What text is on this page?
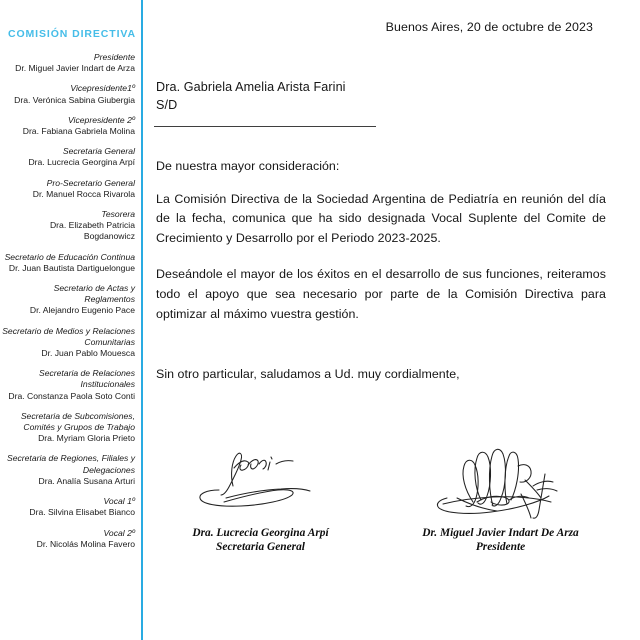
COMISIÓN DIRECTIVA
Presidente
Dr. Miguel Javier Indart de Arza
Vicepresidente1º
Dra. Verónica Sabina Giubergia
Vicepresidente 2º
Dra. Fabiana Gabriela Molina
Secretaria General
Dra. Lucrecia Georgina Arpí
Pro-Secretario General
Dr. Manuel Rocca Rivarola
Tesorera
Dra. Elizabeth Patricia Bogdanowicz
Secretario de Educación Continua
Dr. Juan Bautista Dartiguelongue
Secretario de Actas y Reglamentos
Dr. Alejandro Eugenio Pace
Secretario de Medios y Relaciones Comunitarias
Dr. Juan Pablo Mouesca
Secretaria de Relaciones Institucionales
Dra. Constanza Paola Soto Conti
Secretaria de Subcomisiones, Comités y Grupos de Trabajo
Dra. Myriam Gloria Prieto
Secretaria de Regiones, Filiales y Delegaciones
Dra. Analía Susana Arturi
Vocal 1º
Dra. Silvina Elisabet Bianco
Vocal 2º
Dr. Nicolás Molina Favero
Buenos Aires, 20 de octubre de 2023
Dra. Gabriela Amelia Arista Farini
S/D

De nuestra mayor consideración:

La Comisión Directiva de la Sociedad Argentina de Pediatría en reunión del día de la fecha, comunica que ha sido designada Vocal Suplente del Comite de Crecimiento y Desarrollo por el Periodo 2023-2025.

Deseándole el mayor de los éxitos en el desarrollo de sus funciones, reiteramos todo el apoyo que sea necesario por parte de la Comisión Directiva para optimizar al máximo vuestra gestión.

Sin otro particular, saludamos a Ud. muy cordialmente,

Dra. Lucrecia Georgina Arpí
Secretaria General
Dr. Miguel Javier Indart De Arza
Presidente
